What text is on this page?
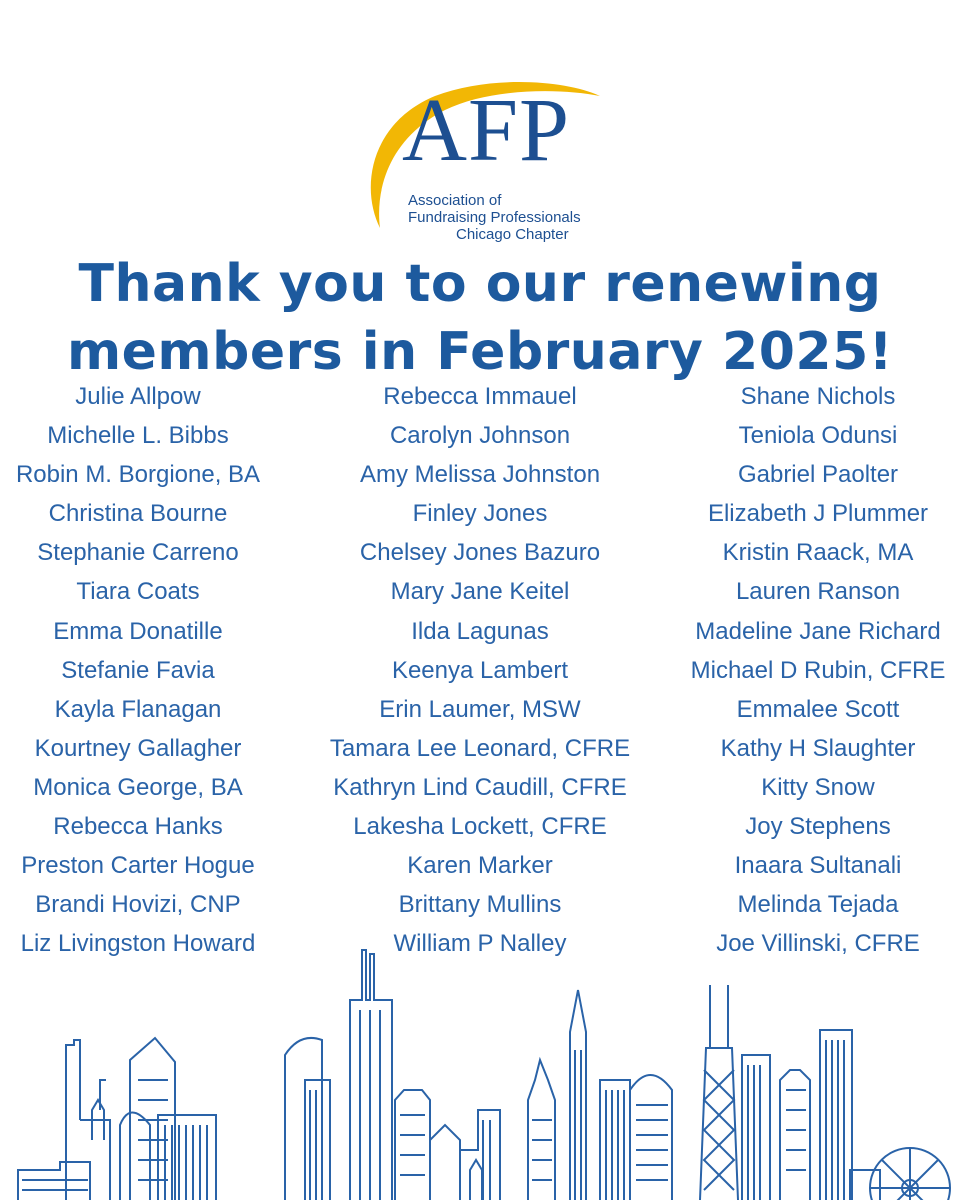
AFP
Association of
Fundraising Professionals
Chicago Chapter
Thank you to our renewing
members in February 2025!
Julie Allpow
Michelle L. Bibbs
Robin M. Borgione, BA
Christina Bourne
Stephanie Carreno
Tiara Coats
Emma Donatille
Stefanie Favia
Kayla Flanagan
Kourtney Gallagher
Monica George, BA
Rebecca Hanks
Preston Carter Hogue
Brandi Hovizi, CNP
Liz Livingston Howard
Rebecca Immauel
Carolyn Johnson
Amy Melissa Johnston
Finley Jones
Chelsey Jones Bazuro
Mary Jane Keitel
Ilda Lagunas
Keenya Lambert
Erin Laumer, MSW
Tamara Lee Leonard, CFRE
Kathryn Lind Caudill, CFRE
Lakesha Lockett, CFRE
Karen Marker
Brittany Mullins
William P Nalley
Shane Nichols
Teniola Odunsi
Gabriel Paolter
Elizabeth J Plummer
Kristin Raack, MA
Lauren Ranson
Madeline Jane Richard
Michael D Rubin, CFRE
Emmalee Scott
Kathy H Slaughter
Kitty Snow
Joy Stephens
Inaara Sultanali
Melinda Tejada
Joe Villinski, CFRE
